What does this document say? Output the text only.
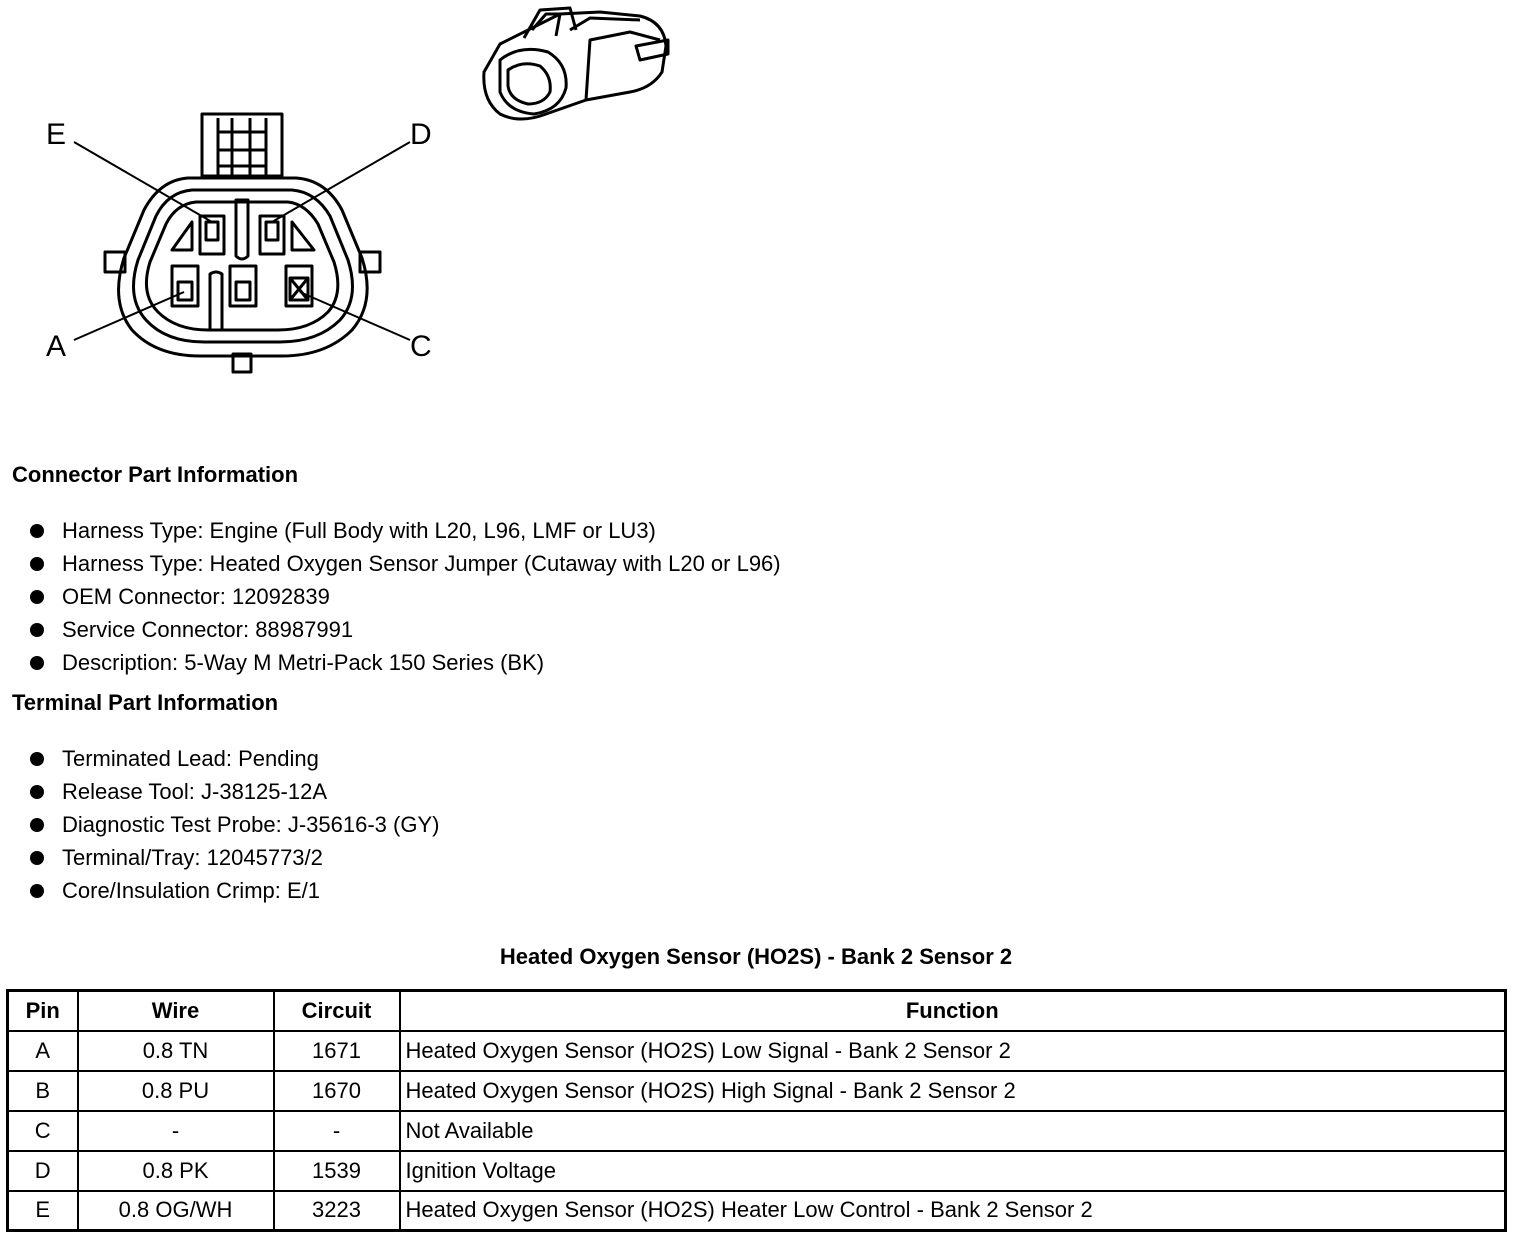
E	D
A	C
Connector Part Information
Harness Type: Engine (Full Body with L20, L96, LMF or LU3)
Harness Type: Heated Oxygen Sensor Jumper (Cutaway with L20 or L96)
OEM Connector: 12092839
Service Connector: 88987991
Description: 5-Way M Metri-Pack 150 Series (BK)
Terminal Part Information
Terminated Lead: Pending
Release Tool: J-38125-12A
Diagnostic Test Probe: J-35616-3 (GY)
Terminal/Tray: 12045773/2
Core/Insulation Crimp: E/1
Heated Oxygen Sensor (HO2S) - Bank 2 Sensor 2
Pin	Wire	Circuit	Function
A	0.8 TN	1671	Heated Oxygen Sensor (HO2S) Low Signal - Bank 2 Sensor 2
B	0.8 PU	1670	Heated Oxygen Sensor (HO2S) High Signal - Bank 2 Sensor 2
C	-	-	Not Available
D	0.8 PK	1539	Ignition Voltage
E	0.8 OG/WH	3223	Heated Oxygen Sensor (HO2S) Heater Low Control - Bank 2 Sensor 2
